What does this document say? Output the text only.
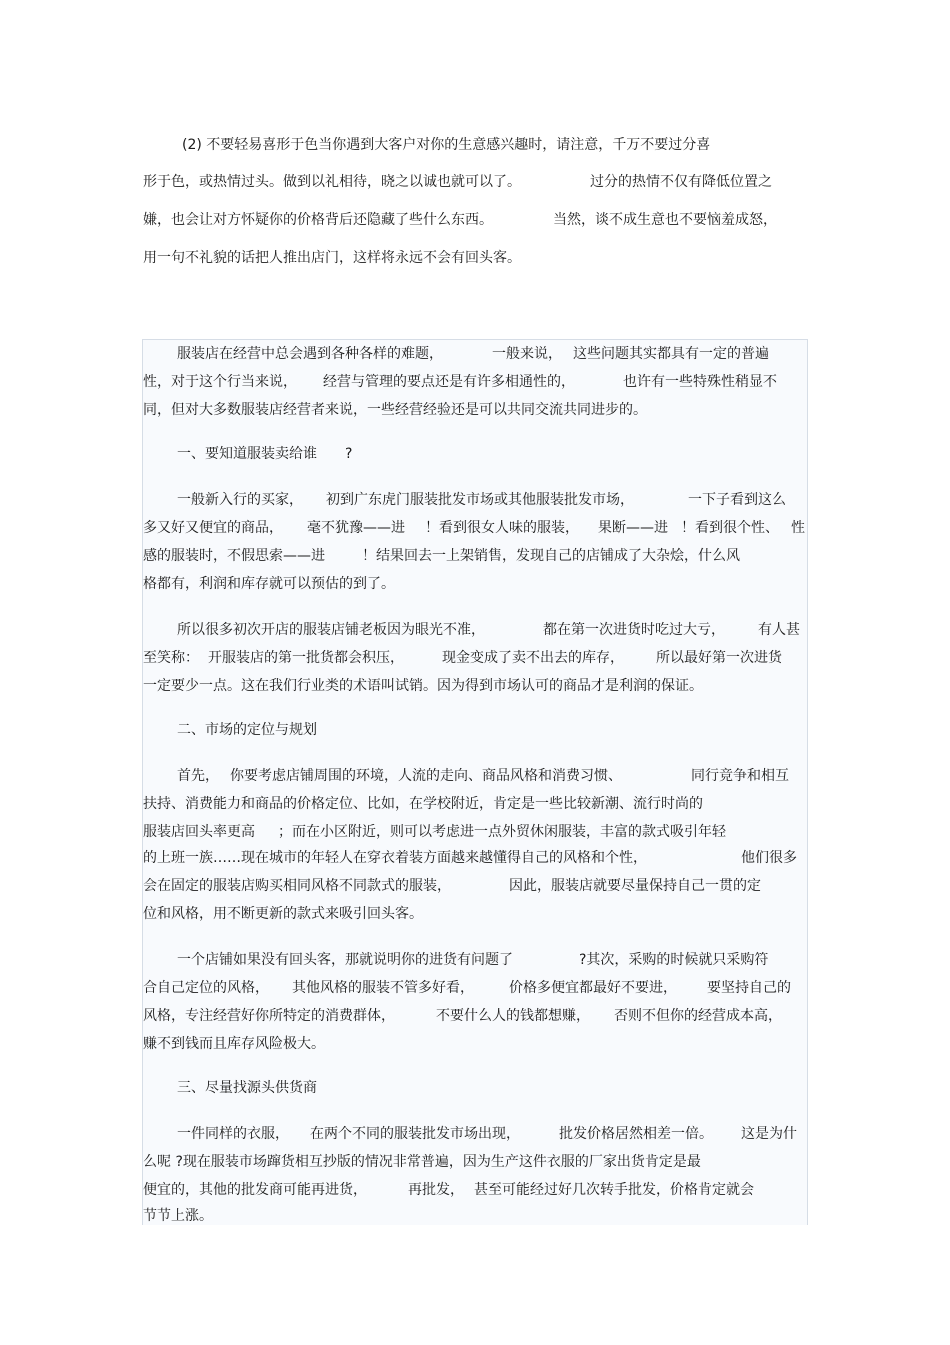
(2) 不要轻易喜形于色当你遇到大客户对你的生意感兴趣时，请注意，千万不要过分喜
形于色，或热情过头。做到以礼相待，晓之以诚也就可以了。	过分的热情不仅有降低位置之
嫌，也会让对方怀疑你的价格背后还隐藏了些什么东西。	当然，谈不成生意也不要恼羞成怒，
用一句不礼貌的话把人推出店门，这样将永远不会有回头客。
服装店在经营中总会遇到各种各样的难题，	一般来说， 这些问题其实都具有一定的普遍
性，对于这个行当来说， 经营与管理的要点还是有许多相通性的，	也许有一些特殊性稍显不
同，但对大多数服装店经营者来说，一些经营经验还是可以共同交流共同进步的。
一、要知道服装卖给谁 ?
一般新入行的买家， 初到广东虎门服装批发市场或其他服装批发市场，	一下子看到这么
多又好又便宜的商品， 毫不犹豫——进 ！看到很女人味的服装， 果断——进 ！看到很个性、 性
感的服装时，不假思索——进	！结果回去一上架销售，发现自己的店铺成了大杂烩，什么风
格都有，利润和库存就可以预估的到了。
所以很多初次开店的服装店铺老板因为眼光不准，	都在第一次进货时吃过大亏， 有人甚
至笑称： 开服装店的第一批货都会积压，	现金变成了卖不出去的库存， 所以最好第一次进货
一定要少一点。这在我们行业类的术语叫试销。因为得到市场认可的商品才是利润的保证。
二、市场的定位与规划
首先， 你要考虑店铺周围的环境，人流的走向、商品风格和消费习惯、	同行竞争和相互
扶持、消费能力和商品的价格定位、比如，在学校附近，肯定是一些比较新潮、流行时尚的
服装店回头率更高 ；而在小区附近，则可以考虑进一点外贸休闲服装，丰富的款式吸引年轻
的上班一族……现在城市的年轻人在穿衣着装方面越来越懂得自己的风格和个性，	他们很多
会在固定的服装店购买相同风格不同款式的服装，	因此，服装店就要尽量保持自己一贯的定
位和风格，用不断更新的款式来吸引回头客。
一个店铺如果没有回头客，那就说明你的进货有问题了	?其次，采购的时候就只采购符
合自己定位的风格， 其他风格的服装不管多好看，	价格多便宜都最好不要进， 要坚持自己的
风格，专注经营好你所特定的消费群体，	不要什么人的钱都想赚， 否则不但你的经营成本高，
赚不到钱而且库存风险极大。
三、尽量找源头供货商
一件同样的衣服， 在两个不同的服装批发市场出现，	批发价格居然相差一倍。 这是为什
么呢 ?现在服装市场蹿货相互抄版的情况非常普遍，因为生产这件衣服的厂家出货肯定是最
便宜的，其他的批发商可能再进货，	再批发， 甚至可能经过好几次转手批发，价格肯定就会
节节上涨。
